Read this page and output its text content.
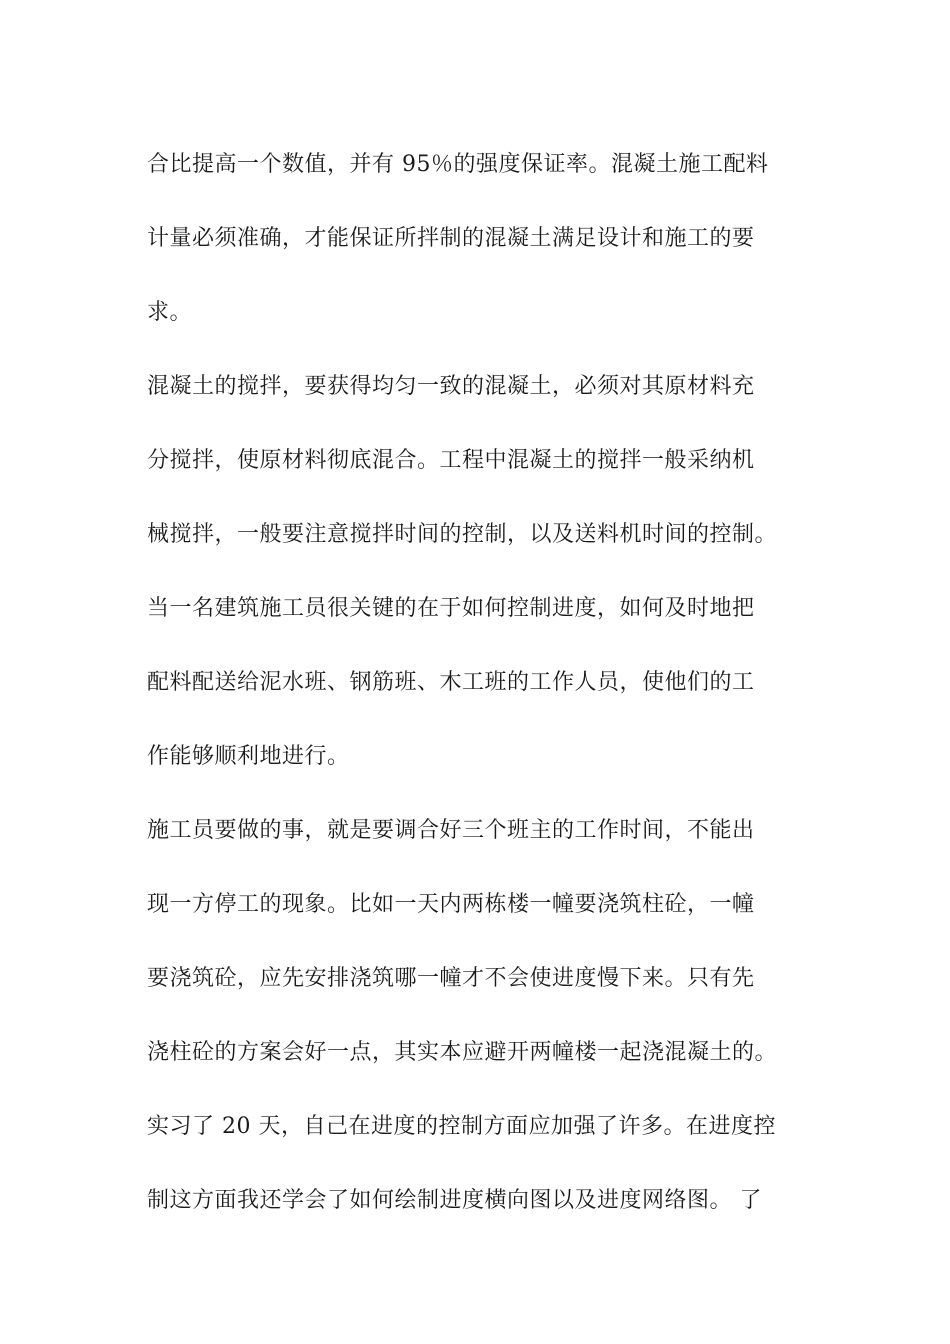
合比提高一个数值，并有 95％的强度保证率。混凝土施工配料
计量必须准确，才能保证所拌制的混凝土满足设计和施工的要
求。
混凝土的搅拌，要获得均匀一致的混凝土，必须对其原材料充
分搅拌，使原材料彻底混合。工程中混凝土的搅拌一般采纳机
械搅拌，一般要注意搅拌时间的控制，以及送料机时间的控制。
当一名建筑施工员很关键的在于如何控制进度，如何及时地把
配料配送给泥水班、钢筋班、木工班的工作人员，使他们的工
作能够顺利地进行。
施工员要做的事，就是要调合好三个班主的工作时间，不能出
现一方停工的现象。比如一天内两栋楼一幢要浇筑柱砼，一幢
要浇筑砼，应先安排浇筑哪一幢才不会使进度慢下来。只有先
浇柱砼的方案会好一点，其实本应避开两幢楼一起浇混凝土的。
实习了 20 天，自己在进度的控制方面应加强了许多。在进度控
制这方面我还学会了如何绘制进度横向图以及进度网络图。 了
